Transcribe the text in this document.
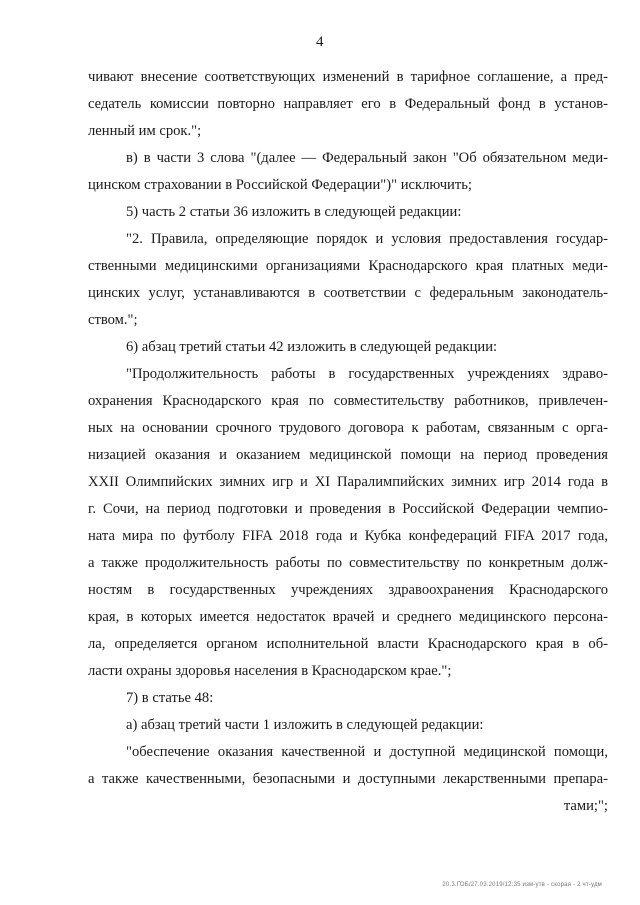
4
чивают внесение соответствующих изменений в тарифное соглашение, а пред-
седатель комиссии повторно направляет его в Федеральный фонд в установ-
ленный им срок.";
в) в части 3 слова "(далее — Федеральный закон "Об обязательном меди-
цинском страховании в Российской Федерации")" исключить;
5) часть 2 статьи 36 изложить в следующей редакции:
"2. Правила, определяющие порядок и условия предоставления государ-
ственными медицинскими организациями Краснодарского края платных меди-
цинских услуг, устанавливаются в соответствии с федеральным законодатель-
ством.";
6) абзац третий статьи 42 изложить в следующей редакции:
"Продолжительность работы в государственных учреждениях здраво-
охранения Краснодарского края по совместительству работников, привлечен-
ных на основании срочного трудового договора к работам, связанным с орга-
низацией оказания и оказанием медицинской помощи на период проведения
XXII Олимпийских зимних игр и XI Паралимпийских зимних игр 2014 года в
г. Сочи, на период подготовки и проведения в Российской Федерации чемпио-
ната мира по футболу FIFA 2018 года и Кубка конфедераций FIFA 2017 года,
а также продолжительность работы по совместительству по конкретным долж-
ностям в государственных учреждениях здравоохранения Краснодарского
края, в которых имеется недостаток врачей и среднего медицинского персона-
ла, определяется органом исполнительной власти Краснодарского края в об-
ласти охраны здоровья населения в Краснодарском крае.";
7) в статье 48:
а) абзац третий части 1 изложить в следующей редакции:
"обеспечение оказания качественной и доступной медицинской помощи,
а также качественными, безопасными и доступными лекарственными препара-
тами;";
20.3.ГОБ/27.03.2019/12:35 изм-утв - скорая - 2 чт-удм
